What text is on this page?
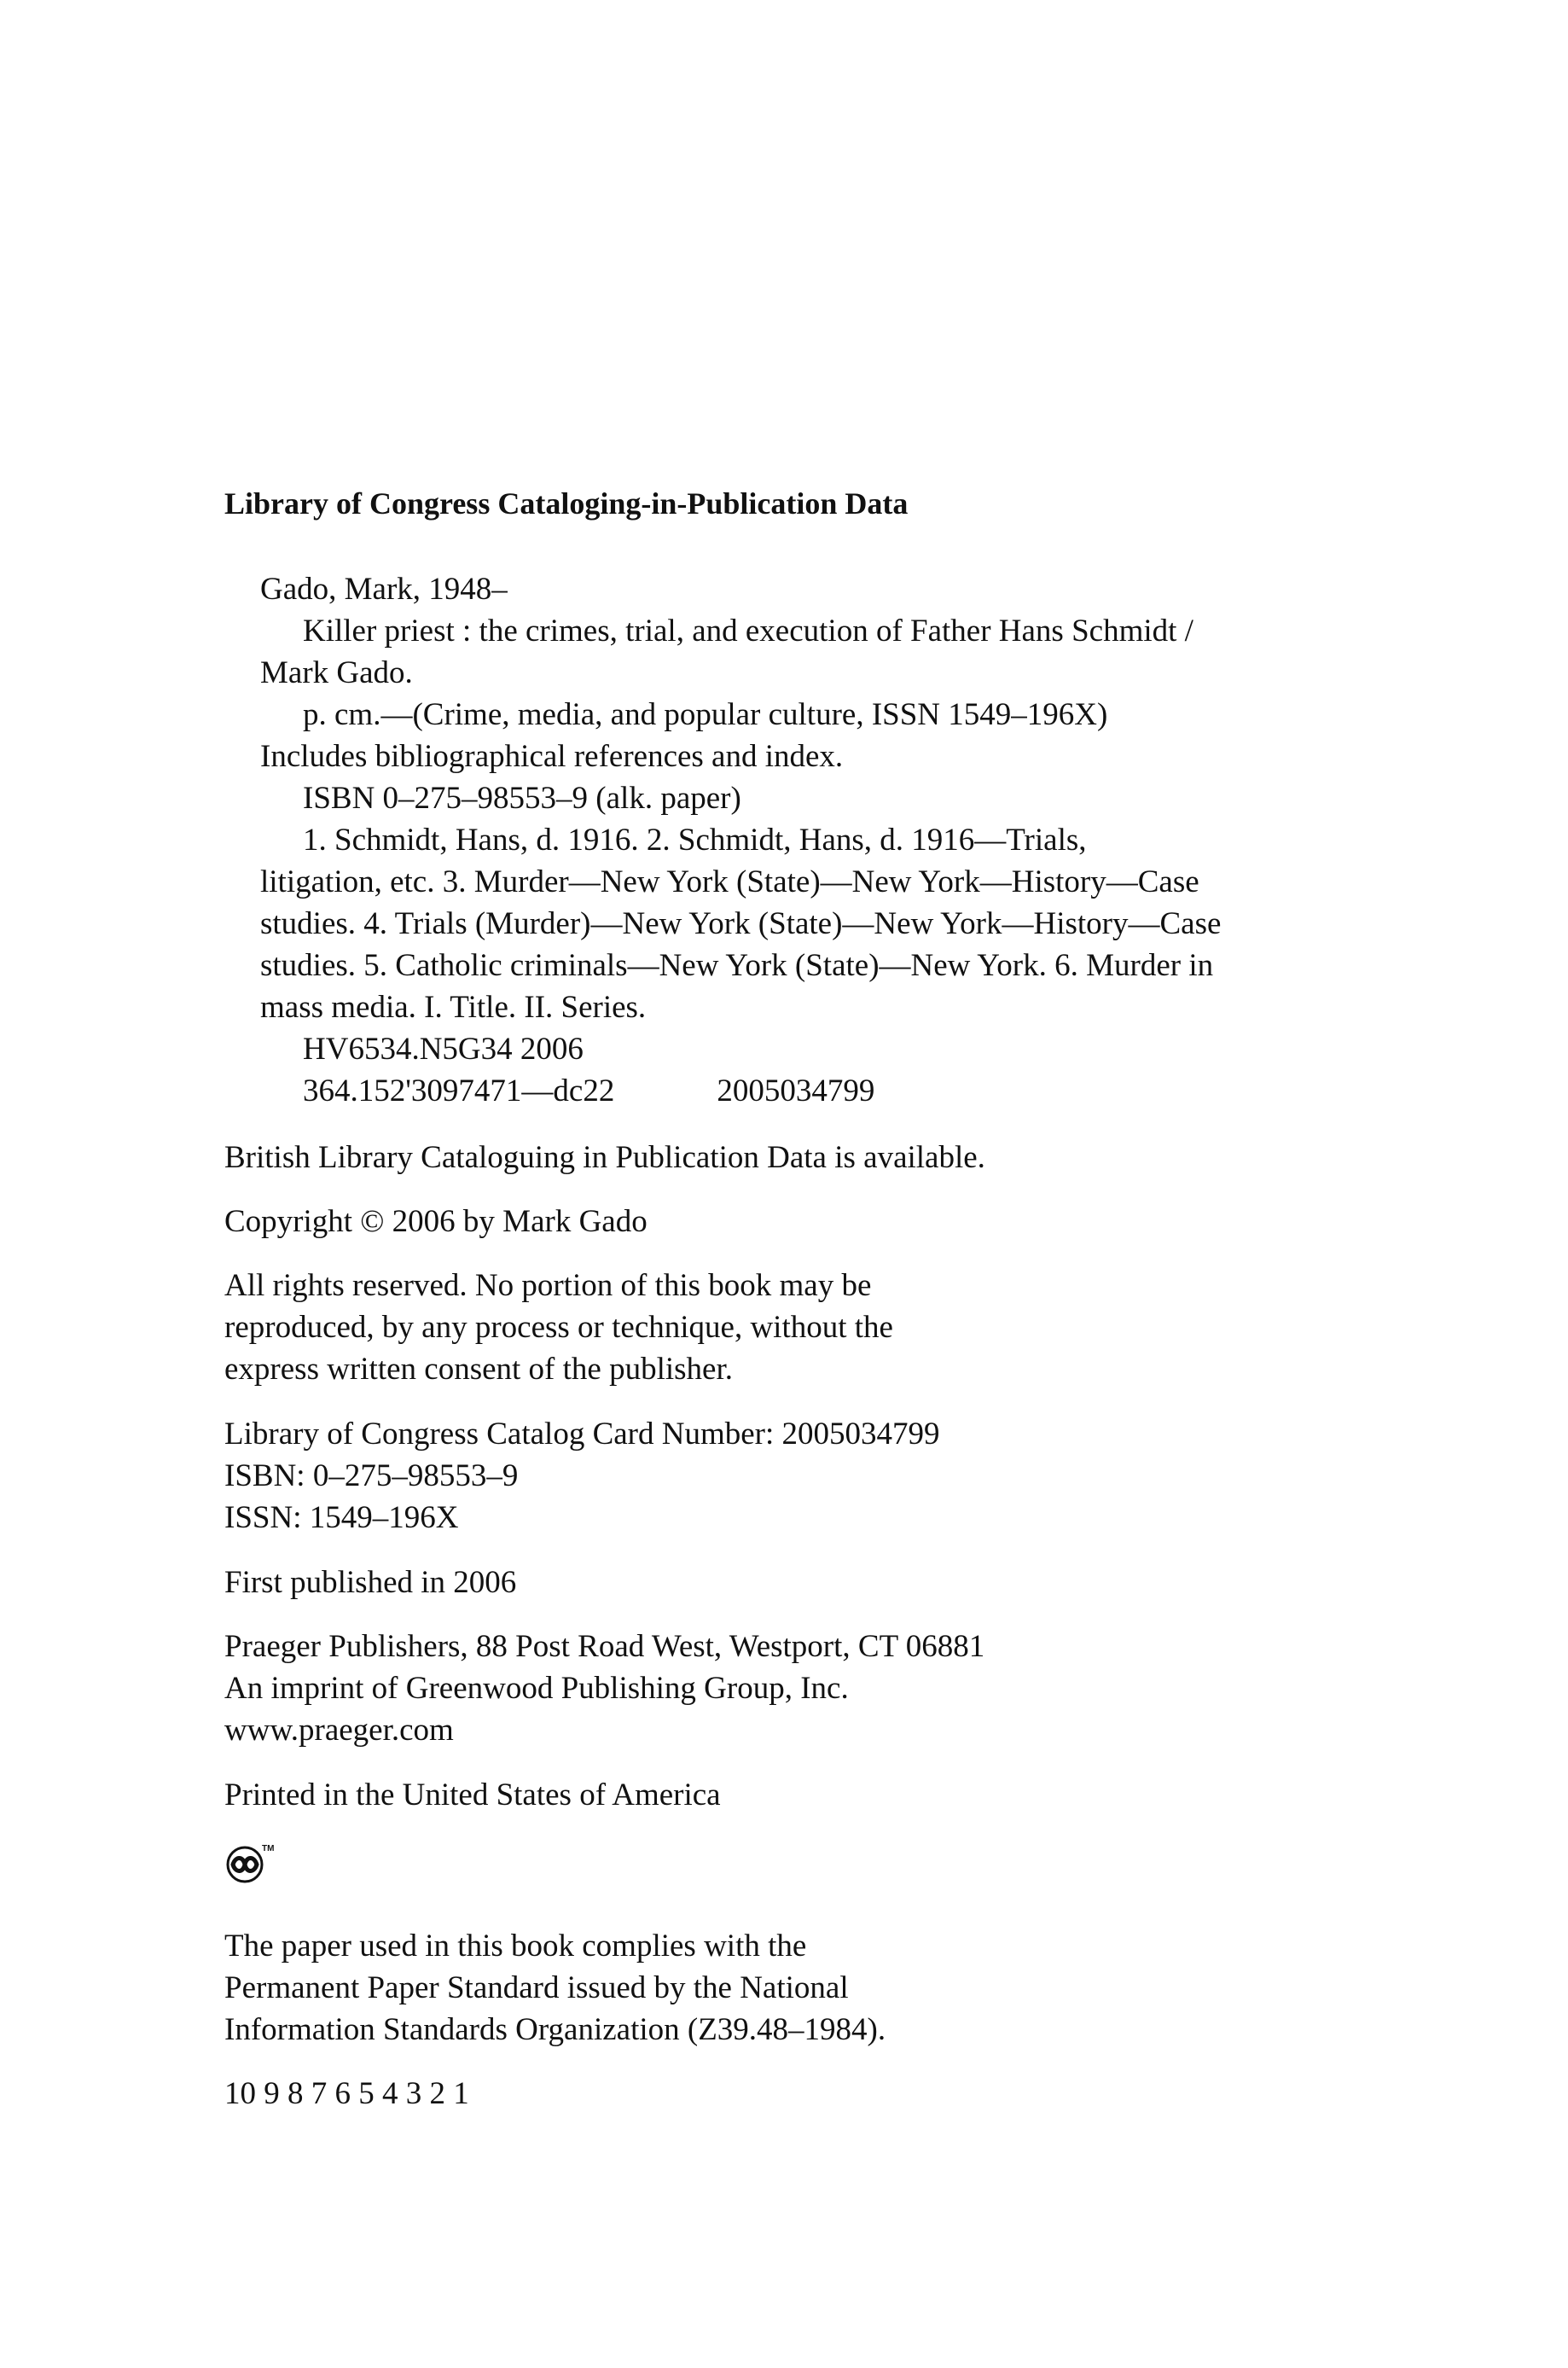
Library of Congress Cataloging-in-Publication Data
Gado, Mark, 1948–
Killer priest : the crimes, trial, and execution of Father Hans Schmidt /
Mark Gado.
p. cm.—(Crime, media, and popular culture, ISSN 1549–196X)
Includes bibliographical references and index.
ISBN 0–275–98553–9 (alk. paper)
1. Schmidt, Hans, d. 1916. 2. Schmidt, Hans, d. 1916—Trials,
litigation, etc. 3. Murder—New York (State)—New York—History—Case
studies. 4. Trials (Murder)—New York (State)—New York—History—Case
studies. 5. Catholic criminals—New York (State)—New York. 6. Murder in
mass media. I. Title. II. Series.
HV6534.N5G34 2006
364.152'3097471—dc22	2005034799
British Library Cataloguing in Publication Data is available.
Copyright © 2006 by Mark Gado
All rights reserved. No portion of this book may be
reproduced, by any process or technique, without the
express written consent of the publisher.
Library of Congress Catalog Card Number: 2005034799
ISBN: 0–275–98553–9
ISSN: 1549–196X
First published in 2006
Praeger Publishers, 88 Post Road West, Westport, CT 06881
An imprint of Greenwood Publishing Group, Inc.
www.praeger.com
Printed in the United States of America
TM
The paper used in this book complies with the
Permanent Paper Standard issued by the National
Information Standards Organization (Z39.48–1984).
10 9 8 7 6 5 4 3 2 1
